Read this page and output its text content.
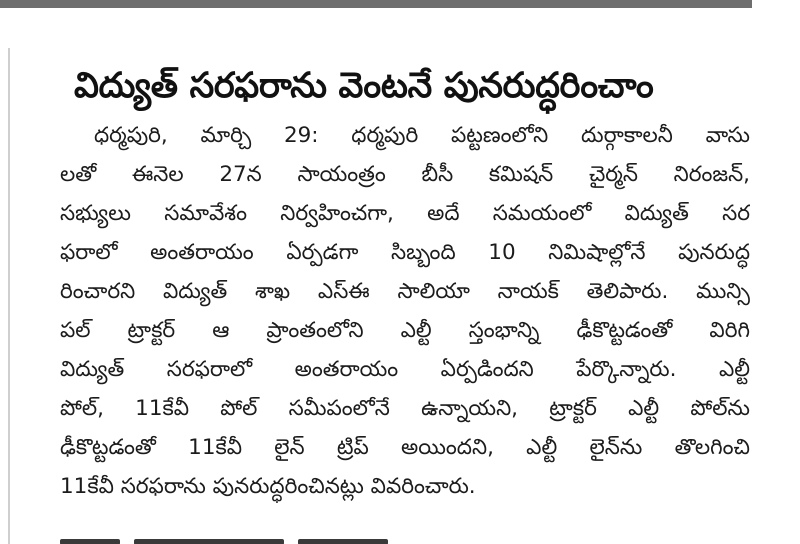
విద్యుత్ సరఫరాను వెంటనే పునరుద్ధరించాం
ధర్మపురి, మార్చి 29: ధర్మపురి పట్టణంలోని దుర్గాకాలనీ వాసు
లతో ఈనెల 27న సాయంత్రం బీసీ కమిషన్ చైర్మన్ నిరంజన్,
సభ్యులు సమావేశం నిర్వహించగా, అదే సమయంలో విద్యుత్ సర
ఫరాలో అంతరాయం ఏర్పడగా సిబ్బంది 10 నిమిషాల్లోనే పునరుద్ధ
రించారని విద్యుత్ శాఖ ఎస్ఈ సాలియా నాయక్ తెలిపారు. మున్సి
పల్ ట్రాక్టర్ ఆ ప్రాంతంలోని ఎల్టీ స్తంభాన్ని ఢీకొట్టడంతో విరిగి
విద్యుత్ సరఫరాలో అంతరాయం ఏర్పడిందని పేర్కొన్నారు. ఎల్టీ
పోల్, 11కేవీ పోల్ సమీపంలోనే ఉన్నాయని, ట్రాక్టర్ ఎల్టీ పోల్‌ను
ఢీకొట్టడంతో 11కేవీ లైన్ ట్రిప్ అయిందని, ఎల్టీ లైన్‌ను తొలగించి
11కేవీ సరఫరాను పునరుద్ధరించినట్లు వివరించారు.
